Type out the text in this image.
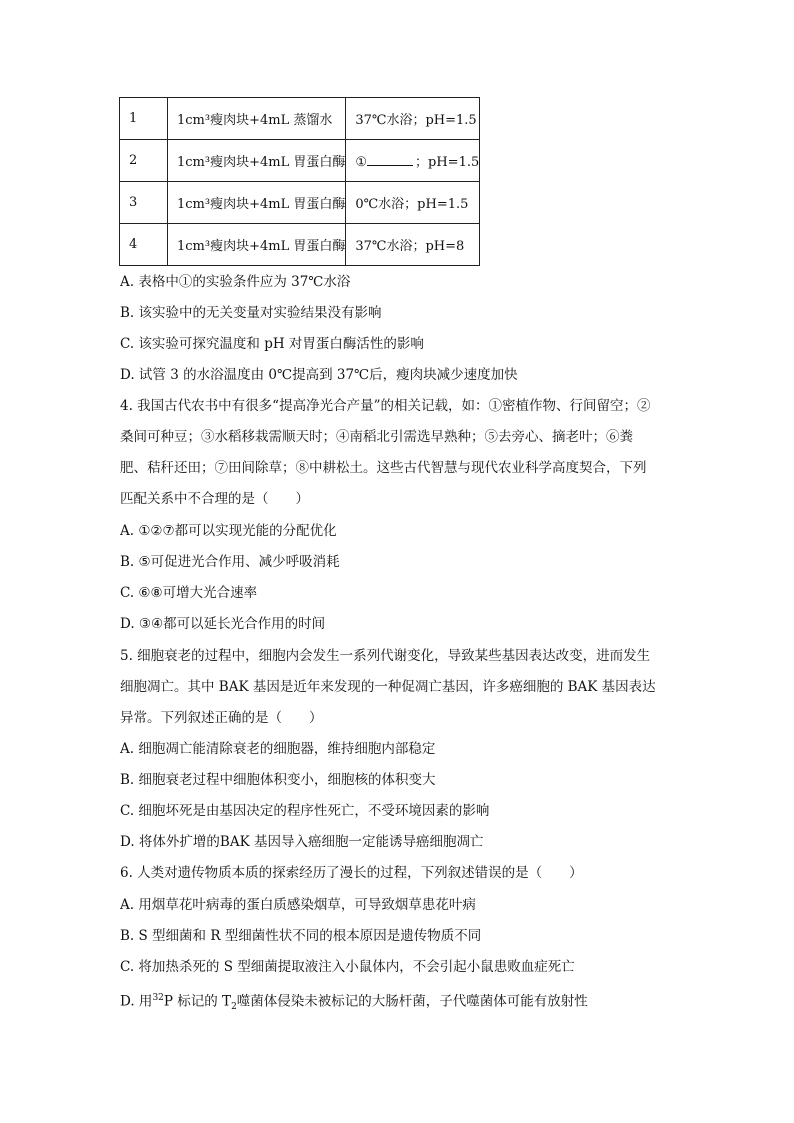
1	1cm³瘦肉块+4mL 蒸馏水	37℃水浴；pH=1.5
2	1cm³瘦肉块+4mL 胃蛋白酶	① ；pH=1.5
3	1cm³瘦肉块+4mL 胃蛋白酶	0℃水浴；pH=1.5
4	1cm³瘦肉块+4mL 胃蛋白酶	37℃水浴；pH=8
A. 表格中①的实验条件应为 37℃水浴
B. 该实验中的无关变量对实验结果没有影响
C. 该实验可探究温度和 pH 对胃蛋白酶活性的影响
D. 试管 3 的水浴温度由 0℃提高到 37℃后，瘦肉块减少速度加快
4. 我国古代农书中有很多“提高净光合产量”的相关记载，如：①密植作物、行间留空；②
桑间可种豆；③水稻移栽需顺天时；④南稻北引需选早熟种；⑤去旁心、摘老叶；⑥粪
肥、秸秆还田；⑦田间除草；⑧中耕松土。这些古代智慧与现代农业科学高度契合，下列
匹配关系中不合理的是（　　）
A. ①②⑦都可以实现光能的分配优化
B. ⑤可促进光合作用、减少呼吸消耗
C. ⑥⑧可增大光合速率
D. ③④都可以延长光合作用的时间
5. 细胞衰老的过程中，细胞内会发生一系列代谢变化，导致某些基因表达改变，进而发生
细胞凋亡。其中 BAK 基因是近年来发现的一种促凋亡基因，许多癌细胞的 BAK 基因表达
异常。下列叙述正确的是（　　）
A. 细胞凋亡能清除衰老的细胞器，维持细胞内部稳定
B. 细胞衰老过程中细胞体积变小，细胞核的体积变大
C. 细胞坏死是由基因决定的程序性死亡，不受环境因素的影响
D. 将体外扩增的BAK 基因导入癌细胞一定能诱导癌细胞凋亡
6. 人类对遗传物质本质的探索经历了漫长的过程，下列叙述错误的是（　　）
A. 用烟草花叶病毒的蛋白质感染烟草，可导致烟草患花叶病
B. S 型细菌和 R 型细菌性状不同的根本原因是遗传物质不同
C. 将加热杀死的 S 型细菌提取液注入小鼠体内，不会引起小鼠患败血症死亡
D. 用$^{32}$P 标记的 $T_2$噬菌体侵染未被标记的大肠杆菌，子代噬菌体可能有放射性
